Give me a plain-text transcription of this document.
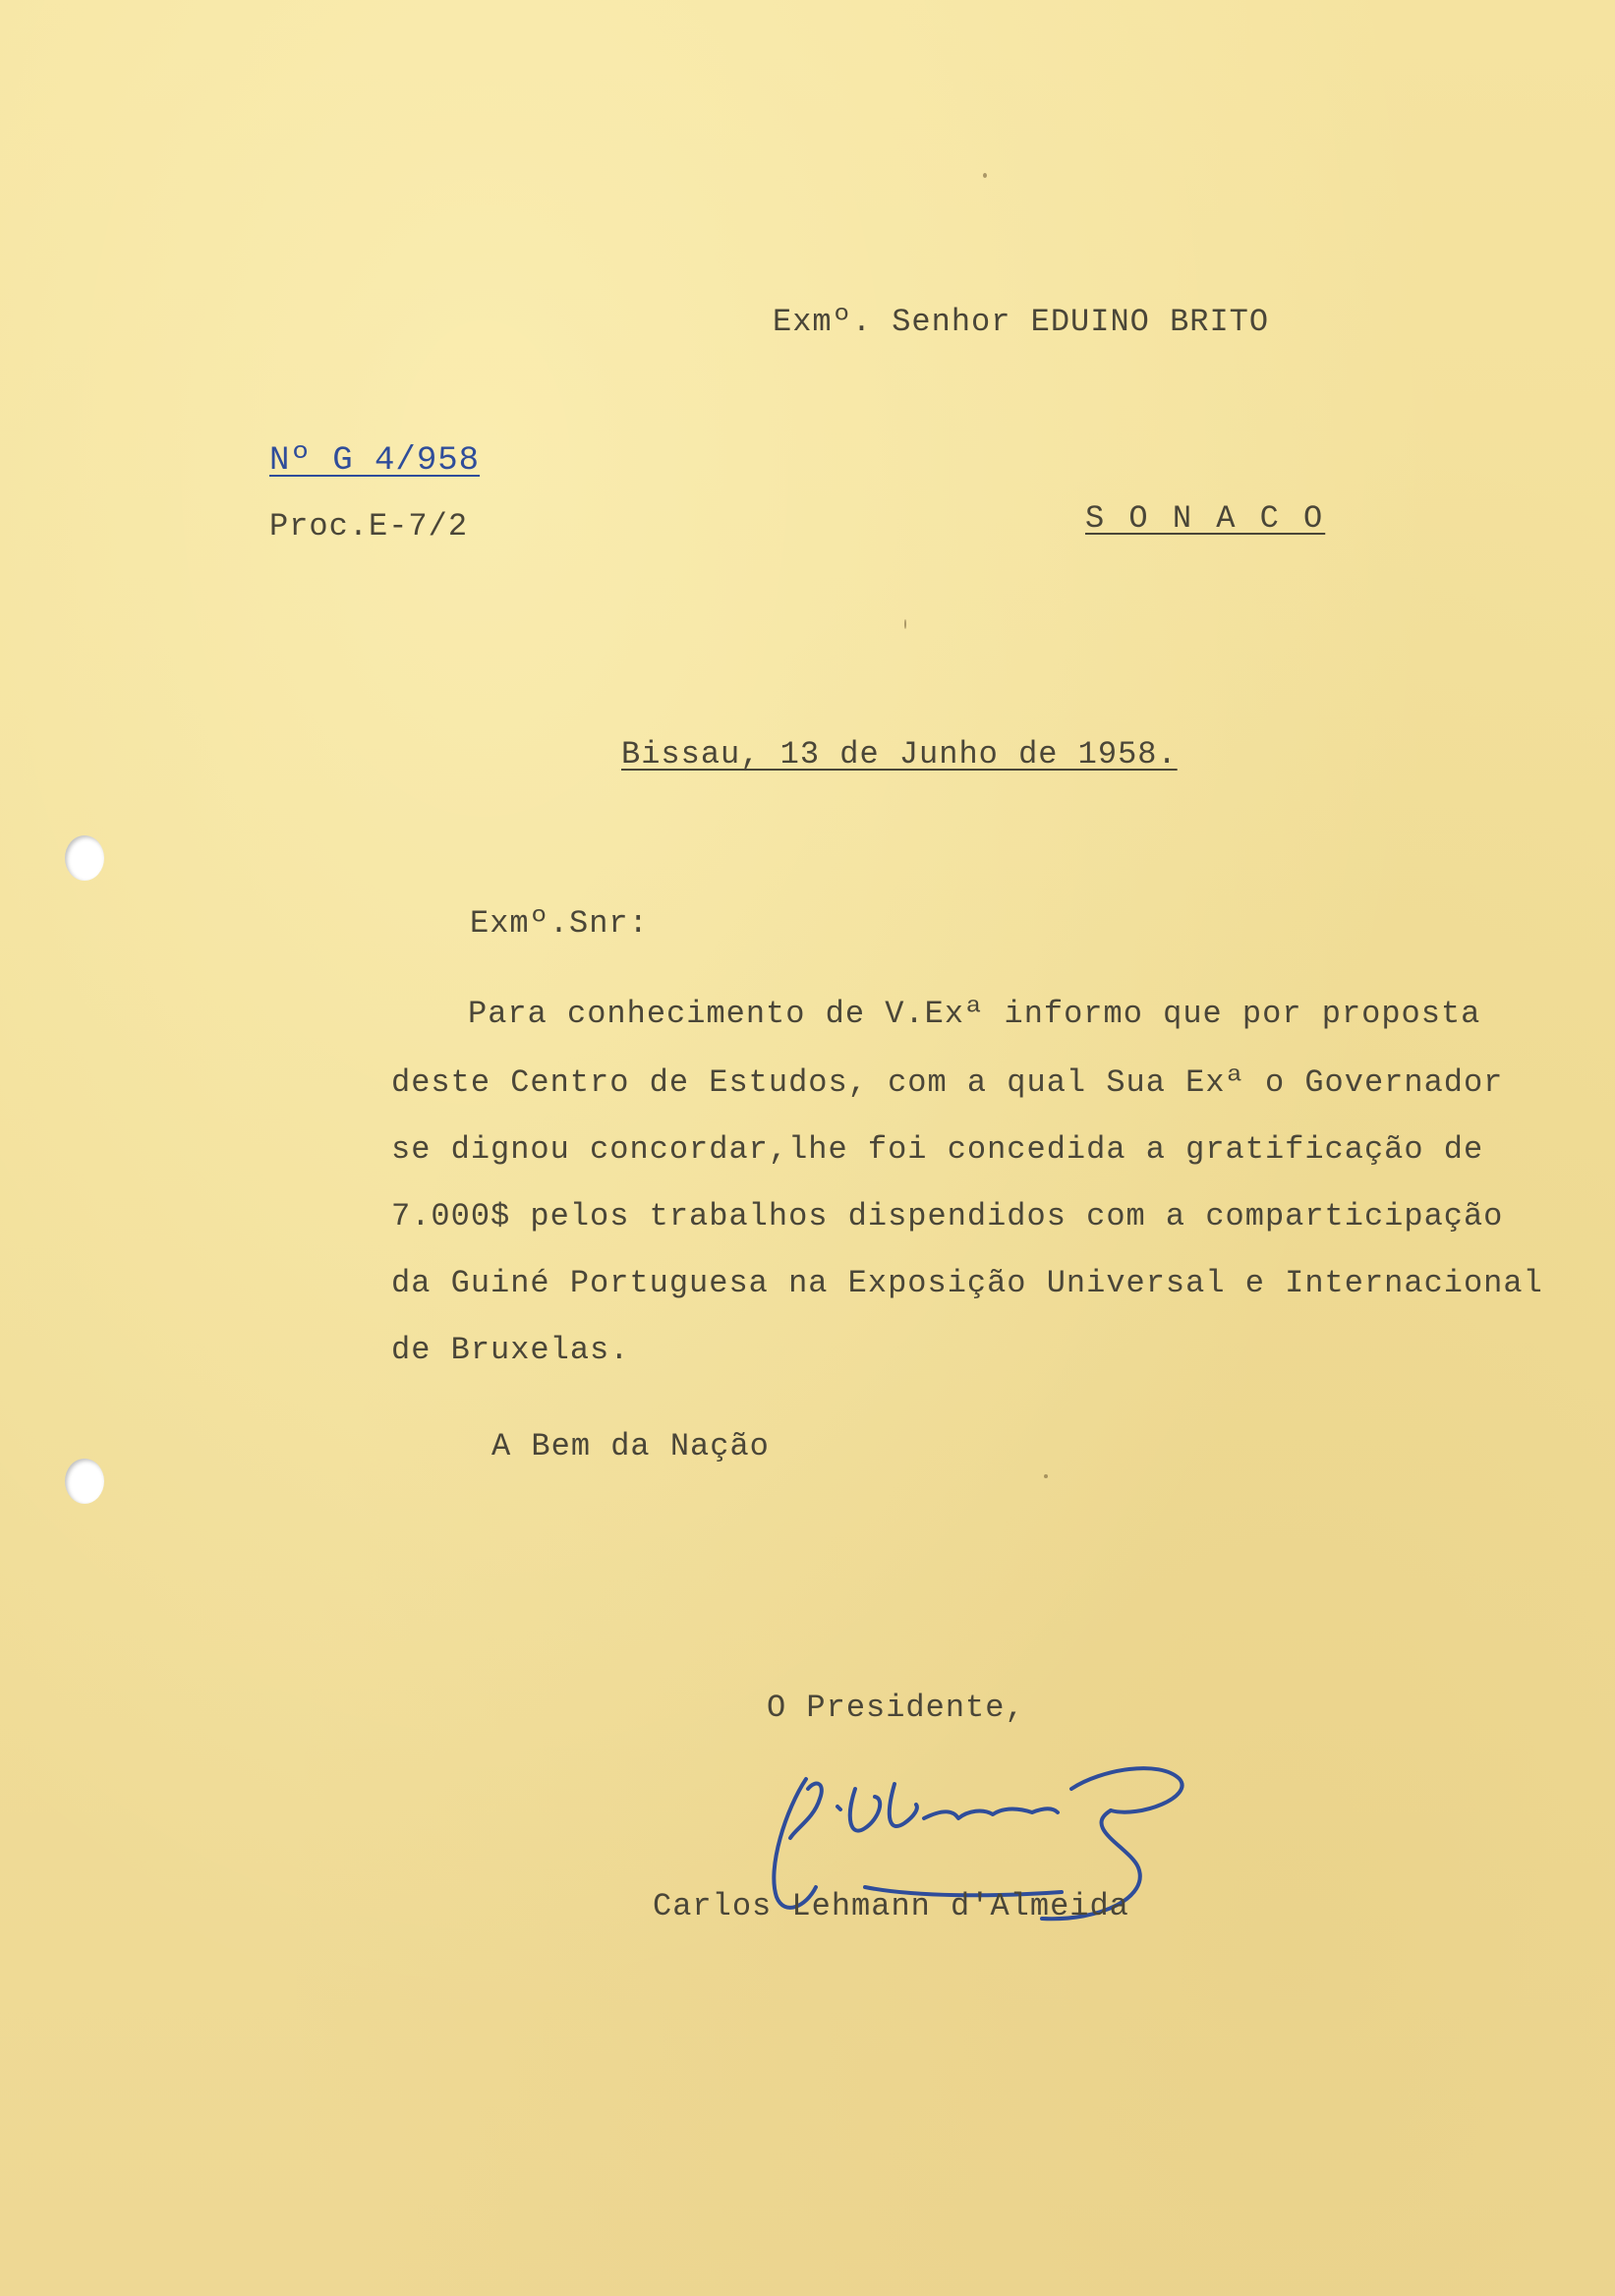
Exmº. Senhor EDUINO BRITO
Nº G 4/958
Proc.E-7/2	S O N A C O
Bissau, 13 de Junho de 1958.
Exmº.Snr:
Para conhecimento de V.Exª informo que por proposta
deste Centro de Estudos, com a qual Sua Exª o Governador
se dignou concordar,lhe foi concedida a gratificação de
7.000$ pelos trabalhos dispendidos com a comparticipação
da Guiné Portuguesa na Exposição Universal e Internacional
de Bruxelas.
A Bem da Nação
O Presidente,
Carlos Lehmann d'Almeida
